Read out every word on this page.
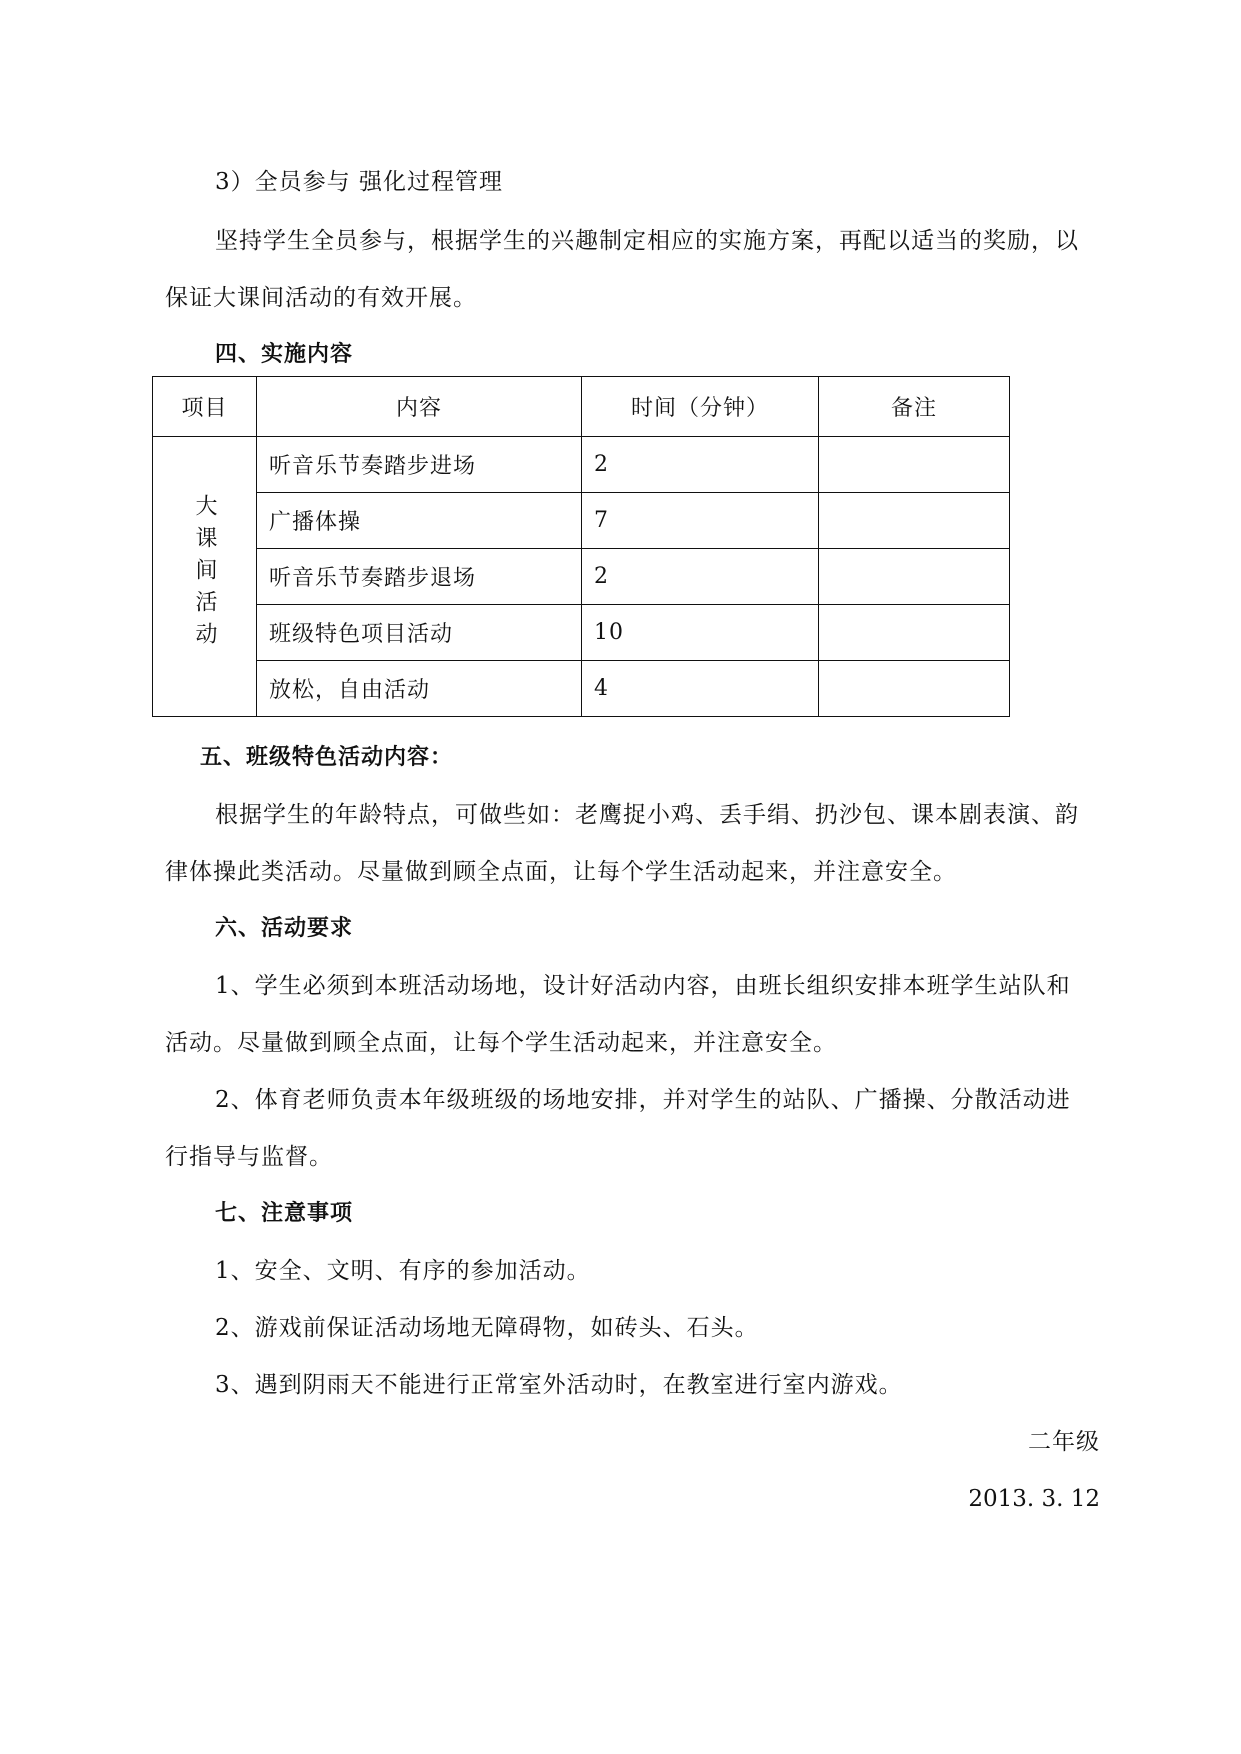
3）全员参与 强化过程管理
坚持学生全员参与，根据学生的兴趣制定相应的实施方案，再配以适当的奖励，以
保证大课间活动的有效开展。
四、实施内容
项目	内容	时间（分钟）	备注
大课间活动	听音乐节奏踏步进场	2	
	广播体操	7	
	听音乐节奏踏步退场	2	
	班级特色项目活动	10	
	放松，自由活动	4	
五、班级特色活动内容：
根据学生的年龄特点，可做些如：老鹰捉小鸡、丢手绢、扔沙包、课本剧表演、韵
律体操此类活动。尽量做到顾全点面，让每个学生活动起来，并注意安全。
六、活动要求
1、学生必须到本班活动场地，设计好活动内容，由班长组织安排本班学生站队和
活动。尽量做到顾全点面，让每个学生活动起来，并注意安全。
2、体育老师负责本年级班级的场地安排，并对学生的站队、广播操、分散活动进
行指导与监督。
七、注意事项
1、安全、文明、有序的参加活动。
2、游戏前保证活动场地无障碍物，如砖头、石头。
3、遇到阴雨天不能进行正常室外活动时，在教室进行室内游戏。
二年级
2013. 3. 12
